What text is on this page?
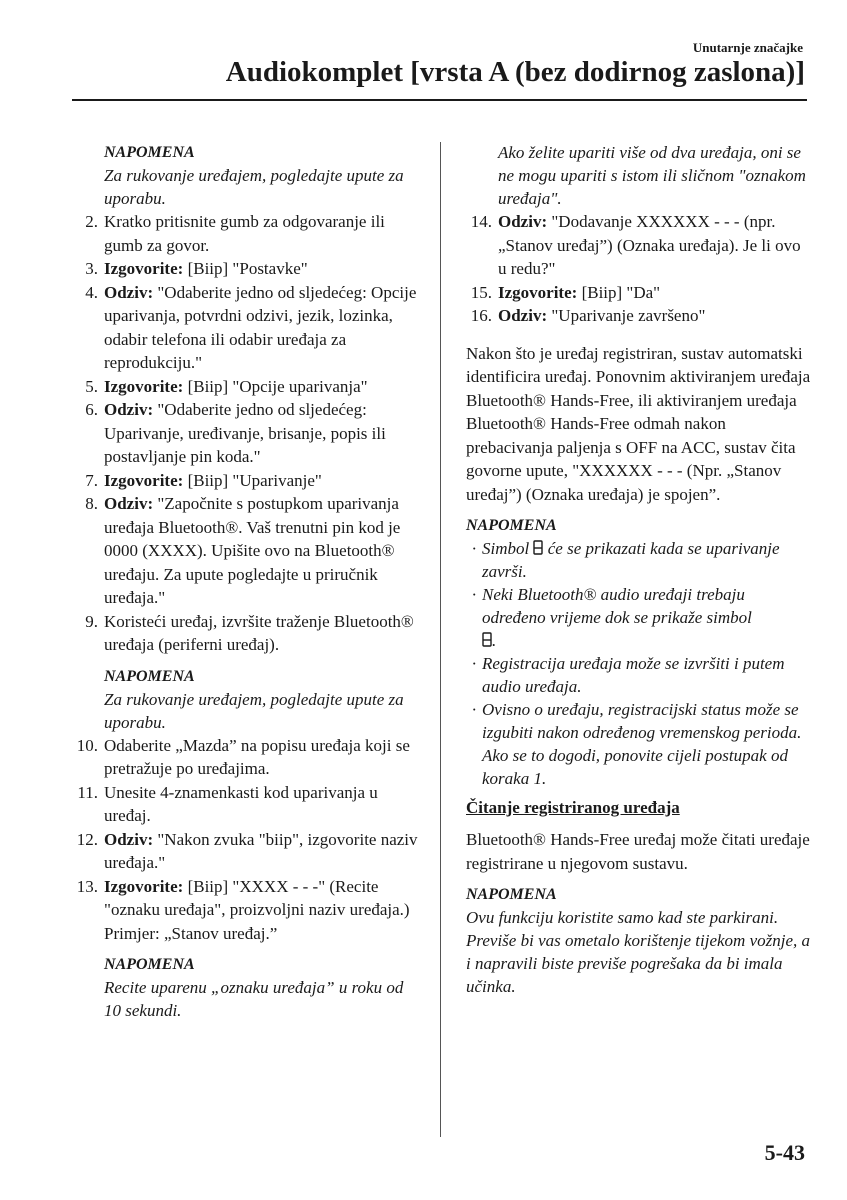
Unutarnje značajke
Audiokomplet [vrsta A (bez dodirnog zaslona)]
NAPOMENA
Za rukovanje uređajem, pogledajte upute za uporabu.
2. Kratko pritisnite gumb za odgovaranje ili gumb za govor.
3. Izgovorite: [Biip] "Postavke"
4. Odziv: "Odaberite jedno od sljedećeg: Opcije uparivanja, potvrdni odzivi, jezik, lozinka, odabir telefona ili odabir uređaja za reprodukciju."
5. Izgovorite: [Biip] "Opcije uparivanja"
6. Odziv: "Odaberite jedno od sljedećeg: Uparivanje, uređivanje, brisanje, popis ili postavljanje pin koda."
7. Izgovorite: [Biip] "Uparivanje"
8. Odziv: "Započnite s postupkom uparivanja uređaja Bluetooth®. Vaš trenutni pin kod je 0000 (XXXX). Upišite ovo na Bluetooth® uređaju. Za upute pogledajte u priručnik uređaja."
9. Koristeći uređaj, izvršite traženje Bluetooth® uređaja (periferni uređaj).
NAPOMENA
Za rukovanje uređajem, pogledajte upute za uporabu.
10. Odaberite „Mazda” na popisu uređaja koji se pretražuje po uređajima.
11. Unesite 4-znamenkasti kod uparivanja u uređaj.
12. Odziv: "Nakon zvuka "biip", izgovorite naziv uređaja."
13. Izgovorite: [Biip] "XXXX - - -" (Recite "oznaku uređaja", proizvoljni naziv uređaja.) Primjer: „Stanov uređaj.”
NAPOMENA
Recite uparenu „oznaku uređaja” u roku od 10 sekundi.
Ako želite upariti više od dva uređaja, oni se ne mogu upariti s istom ili sličnom "oznakom uređaja".
14. Odziv: "Dodavanje XXXXXX - - - (npr. „Stanov uređaj”) (Oznaka uređaja). Je li ovo u redu?"
15. Izgovorite: [Biip] "Da"
16. Odziv: "Uparivanje završeno"
Nakon što je uređaj registriran, sustav automatski identificira uređaj. Ponovnim aktiviranjem uređaja Bluetooth® Hands-Free, ili aktiviranjem uređaja Bluetooth® Hands-Free odmah nakon prebacivanja paljenja s OFF na ACC, sustav čita govorne upute, "XXXXXX - - - (Npr. „Stanov uređaj”) (Oznaka uređaja) je spojen”.
NAPOMENA
· Simbol  će se prikazati kada se uparivanje završi.
· Neki Bluetooth® audio uređaji trebaju određeno vrijeme dok se prikaže simbol
.
· Registracija uređaja može se izvršiti i putem audio uređaja.
· Ovisno o uređaju, registracijski status može se izgubiti nakon određenog vremenskog perioda. Ako se to dogodi, ponovite cijeli postupak od koraka 1.
Čitanje registriranog uređaja
Bluetooth® Hands-Free uređaj može čitati uređaje registrirane u njegovom sustavu.
NAPOMENA
Ovu funkciju koristite samo kad ste parkirani. Previše bi vas ometalo korištenje tijekom vožnje, a i napravili biste previše pogrešaka da bi imala učinka.
5-43
